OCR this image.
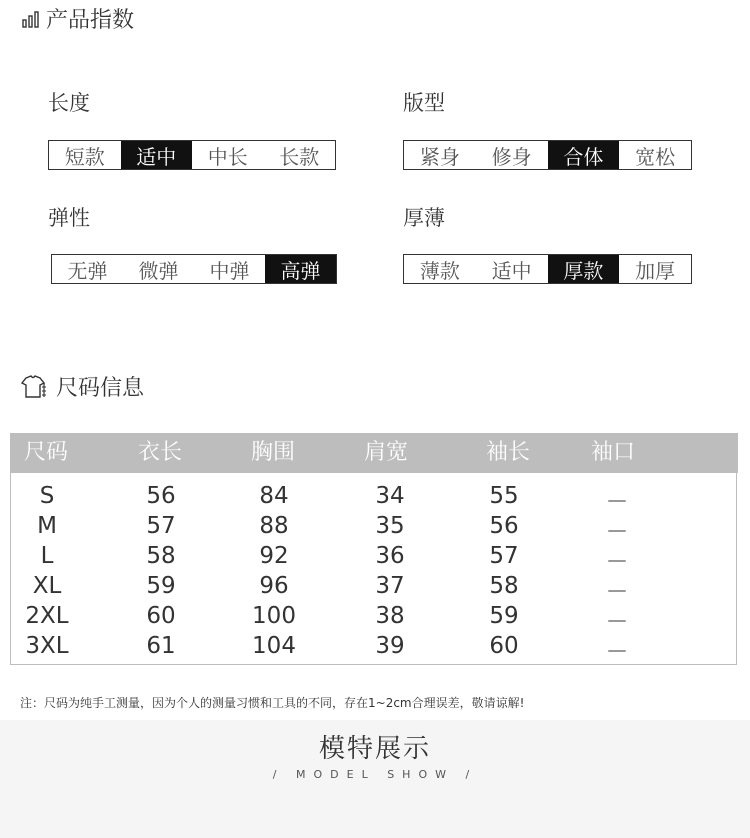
产品指数
长度
短款	适中	中长	长款
版型
紧身	修身	合体	宽松
弹性
无弹	微弹	中弹	高弹
厚薄
薄款	适中	厚款	加厚
尺码信息
尺码	衣长	胸围	肩宽	袖长	袖口
S	56	84	34	55	－
M	57	88	35	56	－
L	58	92	36	57	－
XL	59	96	37	58	－
2XL	60	100	38	59	－
3XL	61	104	39	60	－
注：尺码为纯手工测量，因为个人的测量习惯和工具的不同，存在1~2cm合理误差，敬请谅解!
模特展示
/ MODEL SHOW /
